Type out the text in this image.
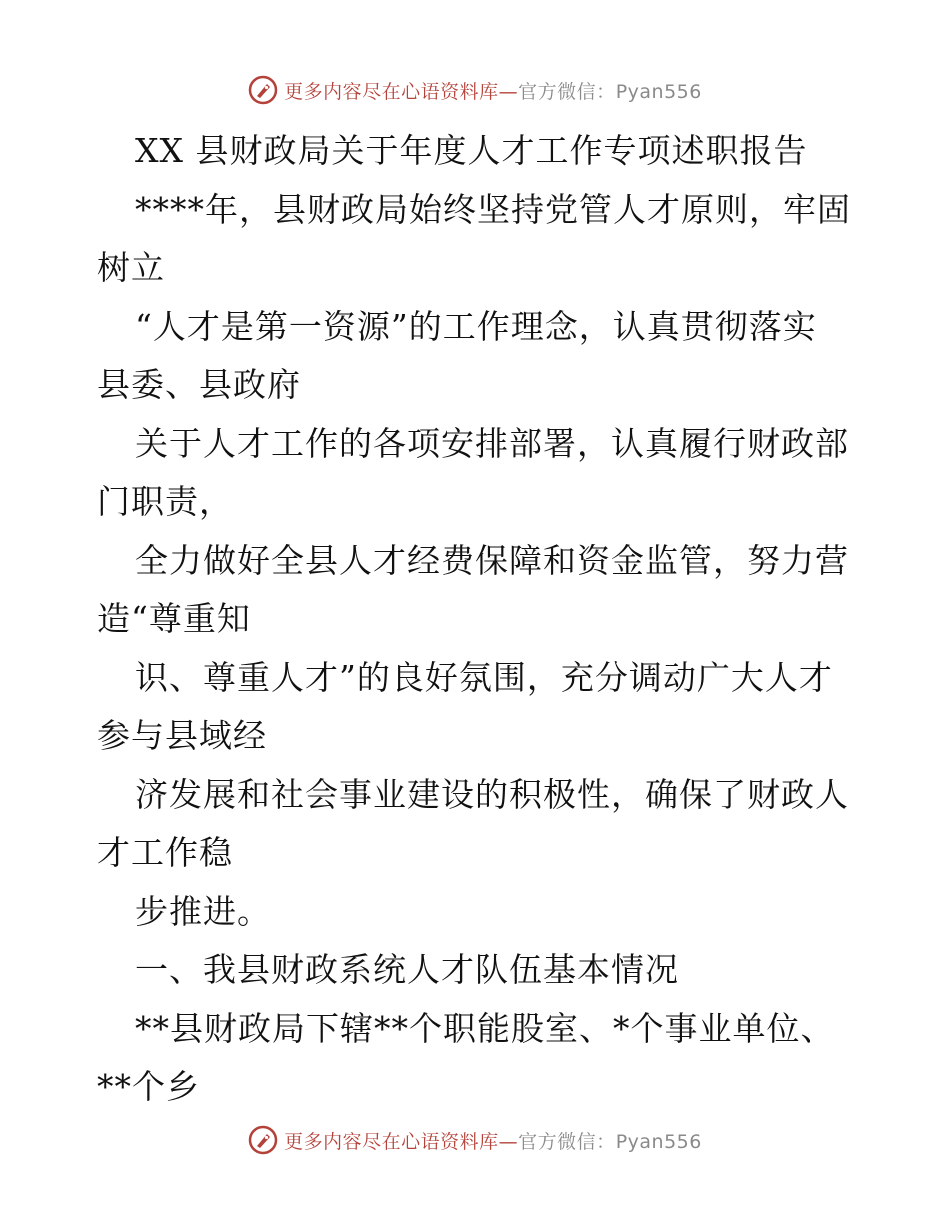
更多内容尽在心语资料库—官方微信：Pyan556
XX 县财政局关于年度人才工作专项述职报告
****年，县财政局始终坚持党管人才原则，牢固
树立
“人才是第一资源”的工作理念，认真贯彻落实
县委、县政府
关于人才工作的各项安排部署，认真履行财政部
门职责，
全力做好全县人才经费保障和资金监管，努力营
造“尊重知
识、尊重人才”的良好氛围，充分调动广大人才
参与县域经
济发展和社会事业建设的积极性，确保了财政人
才工作稳
步推进。
一、我县财政系统人才队伍基本情况
**县财政局下辖**个职能股室、*个事业单位、
**个乡
更多内容尽在心语资料库—官方微信：Pyan556
